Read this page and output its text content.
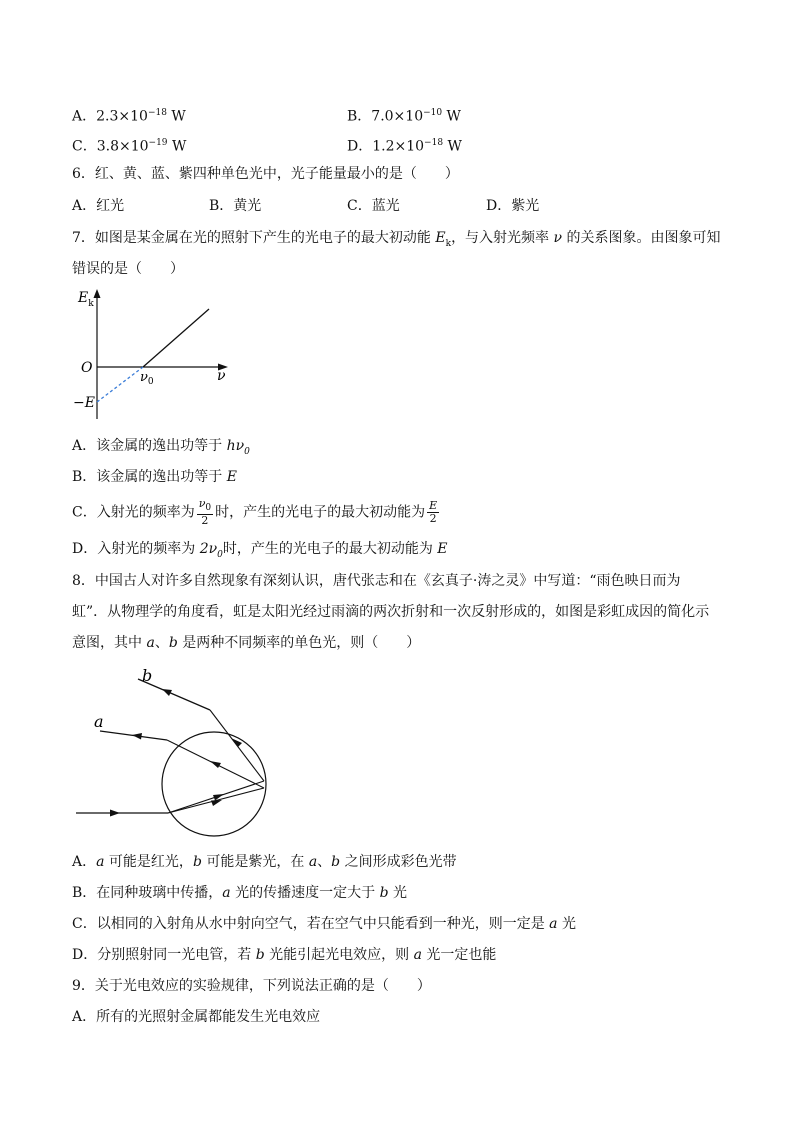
A．$2.3\times 10^{-18}$ W	B．$7.0\times 10^{-10}$ W
C．$3.8\times 10^{-19}$ W	D．$1.2\times 10^{-18}$ W
6．红、黄、蓝、紫四种单色光中，光子能量最小的是（　　）
A．红光	B．黄光	C．蓝光	D．紫光
7．如图是某金属在光的照射下产生的光电子的最大初动能 $E_k$，与入射光频率 ν 的关系图象。由图象可知
错误的是（　　）
$E_k$
O
$\nu_0$	ν
−E
A．该金属的逸出功等于 $h\nu_0$
B．该金属的逸出功等于 E
C．入射光的频率为 $\frac{\nu_0}{2}$ 时，产生的光电子的最大初动能为 $\frac{E}{2}$
D．入射光的频率为 $2\nu_0$时，产生的光电子的最大初动能为 E
8．中国古人对许多自然现象有深刻认识，唐代张志和在《玄真子·涛之灵》中写道：“雨色映日而为
虹”．从物理学的角度看，虹是太阳光经过雨滴的两次折射和一次反射形成的，如图是彩虹成因的简化示
意图，其中 a、b 是两种不同频率的单色光，则（　　）
b
a
A．a 可能是红光，b 可能是紫光，在 a、b 之间形成彩色光带
B．在同种玻璃中传播，a 光的传播速度一定大于 b 光
C．以相同的入射角从水中射向空气，若在空气中只能看到一种光，则一定是 a 光
D．分别照射同一光电管，若 b 光能引起光电效应，则 a 光一定也能
9．关于光电效应的实验规律，下列说法正确的是（　　）
A．所有的光照射金属都能发生光电效应
